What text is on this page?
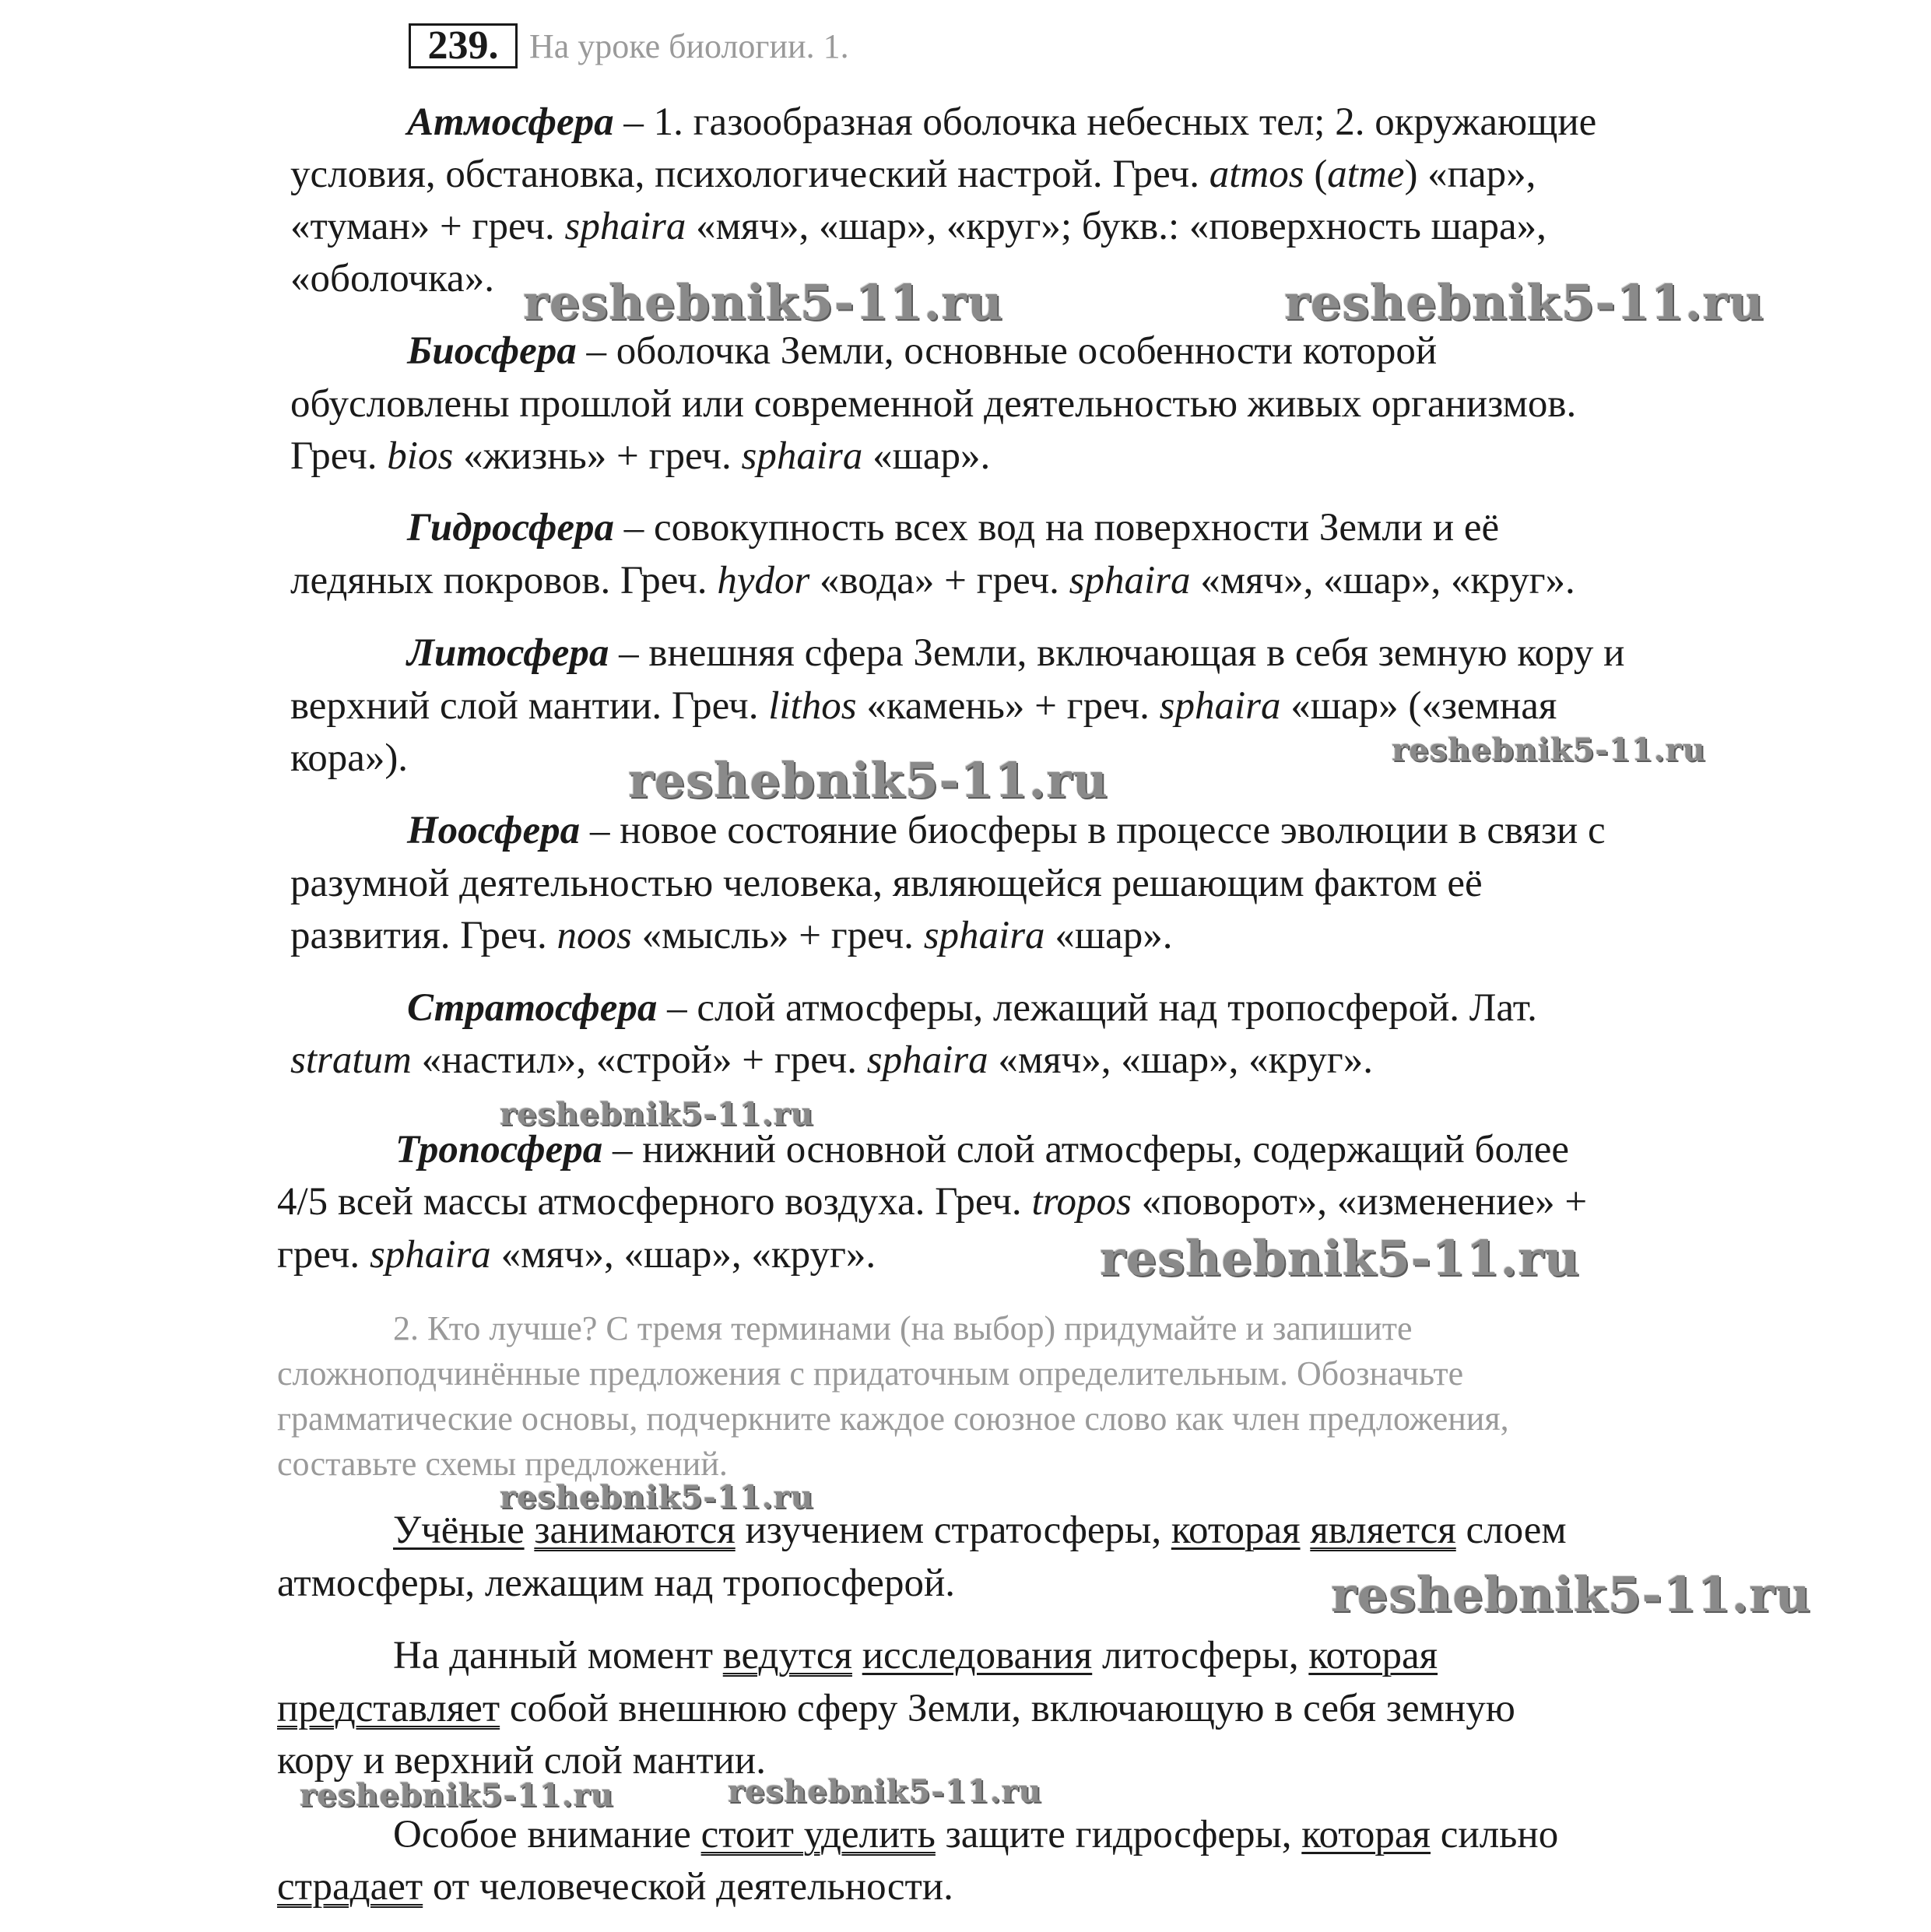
239. На уроке биологии. 1.
Атмосфера – 1. газообразная оболочка небесных тел; 2. окружающие
условия, обстановка, психологический настрой. Греч. atmos (atme) «пар»,
«туман» + греч. sphaira «мяч», «шар», «круг»; букв.: «поверхность шара»,
«оболочка».
Биосфера – оболочка Земли, основные особенности которой
обусловлены прошлой или современной деятельностью живых организмов.
Греч. bios «жизнь» + греч. sphaira «шар».
Гидросфера – совокупность всех вод на поверхности Земли и её
ледяных покровов. Греч. hydor «вода» + греч. sphaira «мяч», «шар», «круг».
Литосфера – внешняя сфера Земли, включающая в себя земную кору и
верхний слой мантии. Греч. lithos «камень» + греч. sphaira «шар» («земная
кора»).
Ноосфера – новое состояние биосферы в процессе эволюции в связи с
разумной деятельностью человека, являющейся решающим фактом её
развития. Греч. noos «мысль» + греч. sphaira «шар».
Стратосфера – слой атмосферы, лежащий над тропосферой. Лат.
stratum «настил», «строй» + греч. sphaira «мяч», «шар», «круг».
Тропосфера – нижний основной слой атмосферы, содержащий более
4/5 всей массы атмосферного воздуха. Греч. tropos «поворот», «изменение» +
греч. sphaira «мяч», «шар», «круг».
2. Кто лучше? С тремя терминами (на выбор) придумайте и запишите
сложноподчинённые предложения с придаточным определительным. Обозначьте
грамматические основы, подчеркните каждое союзное слово как член предложения,
составьте схемы предложений.
Учёные занимаются изучением стратосферы, которая является слоем
атмосферы, лежащим над тропосферой.
На данный момент ведутся исследования литосферы, которая
представляет собой внешнюю сферу Земли, включающую в себя земную
кору и верхний слой мантии.
Особое внимание стоит уделить защите гидросферы, которая сильно
страдает от человеческой деятельности.
reshebnik5-11.ru	reshebnik5-11.ru
reshebnik5-11.ru
reshebnik5-11.ru
reshebnik5-11.ru
reshebnik5-11.ru
reshebnik5-11.ru
reshebnik5-11.ru
reshebnik5-11.ru	reshebnik5-11.ru
